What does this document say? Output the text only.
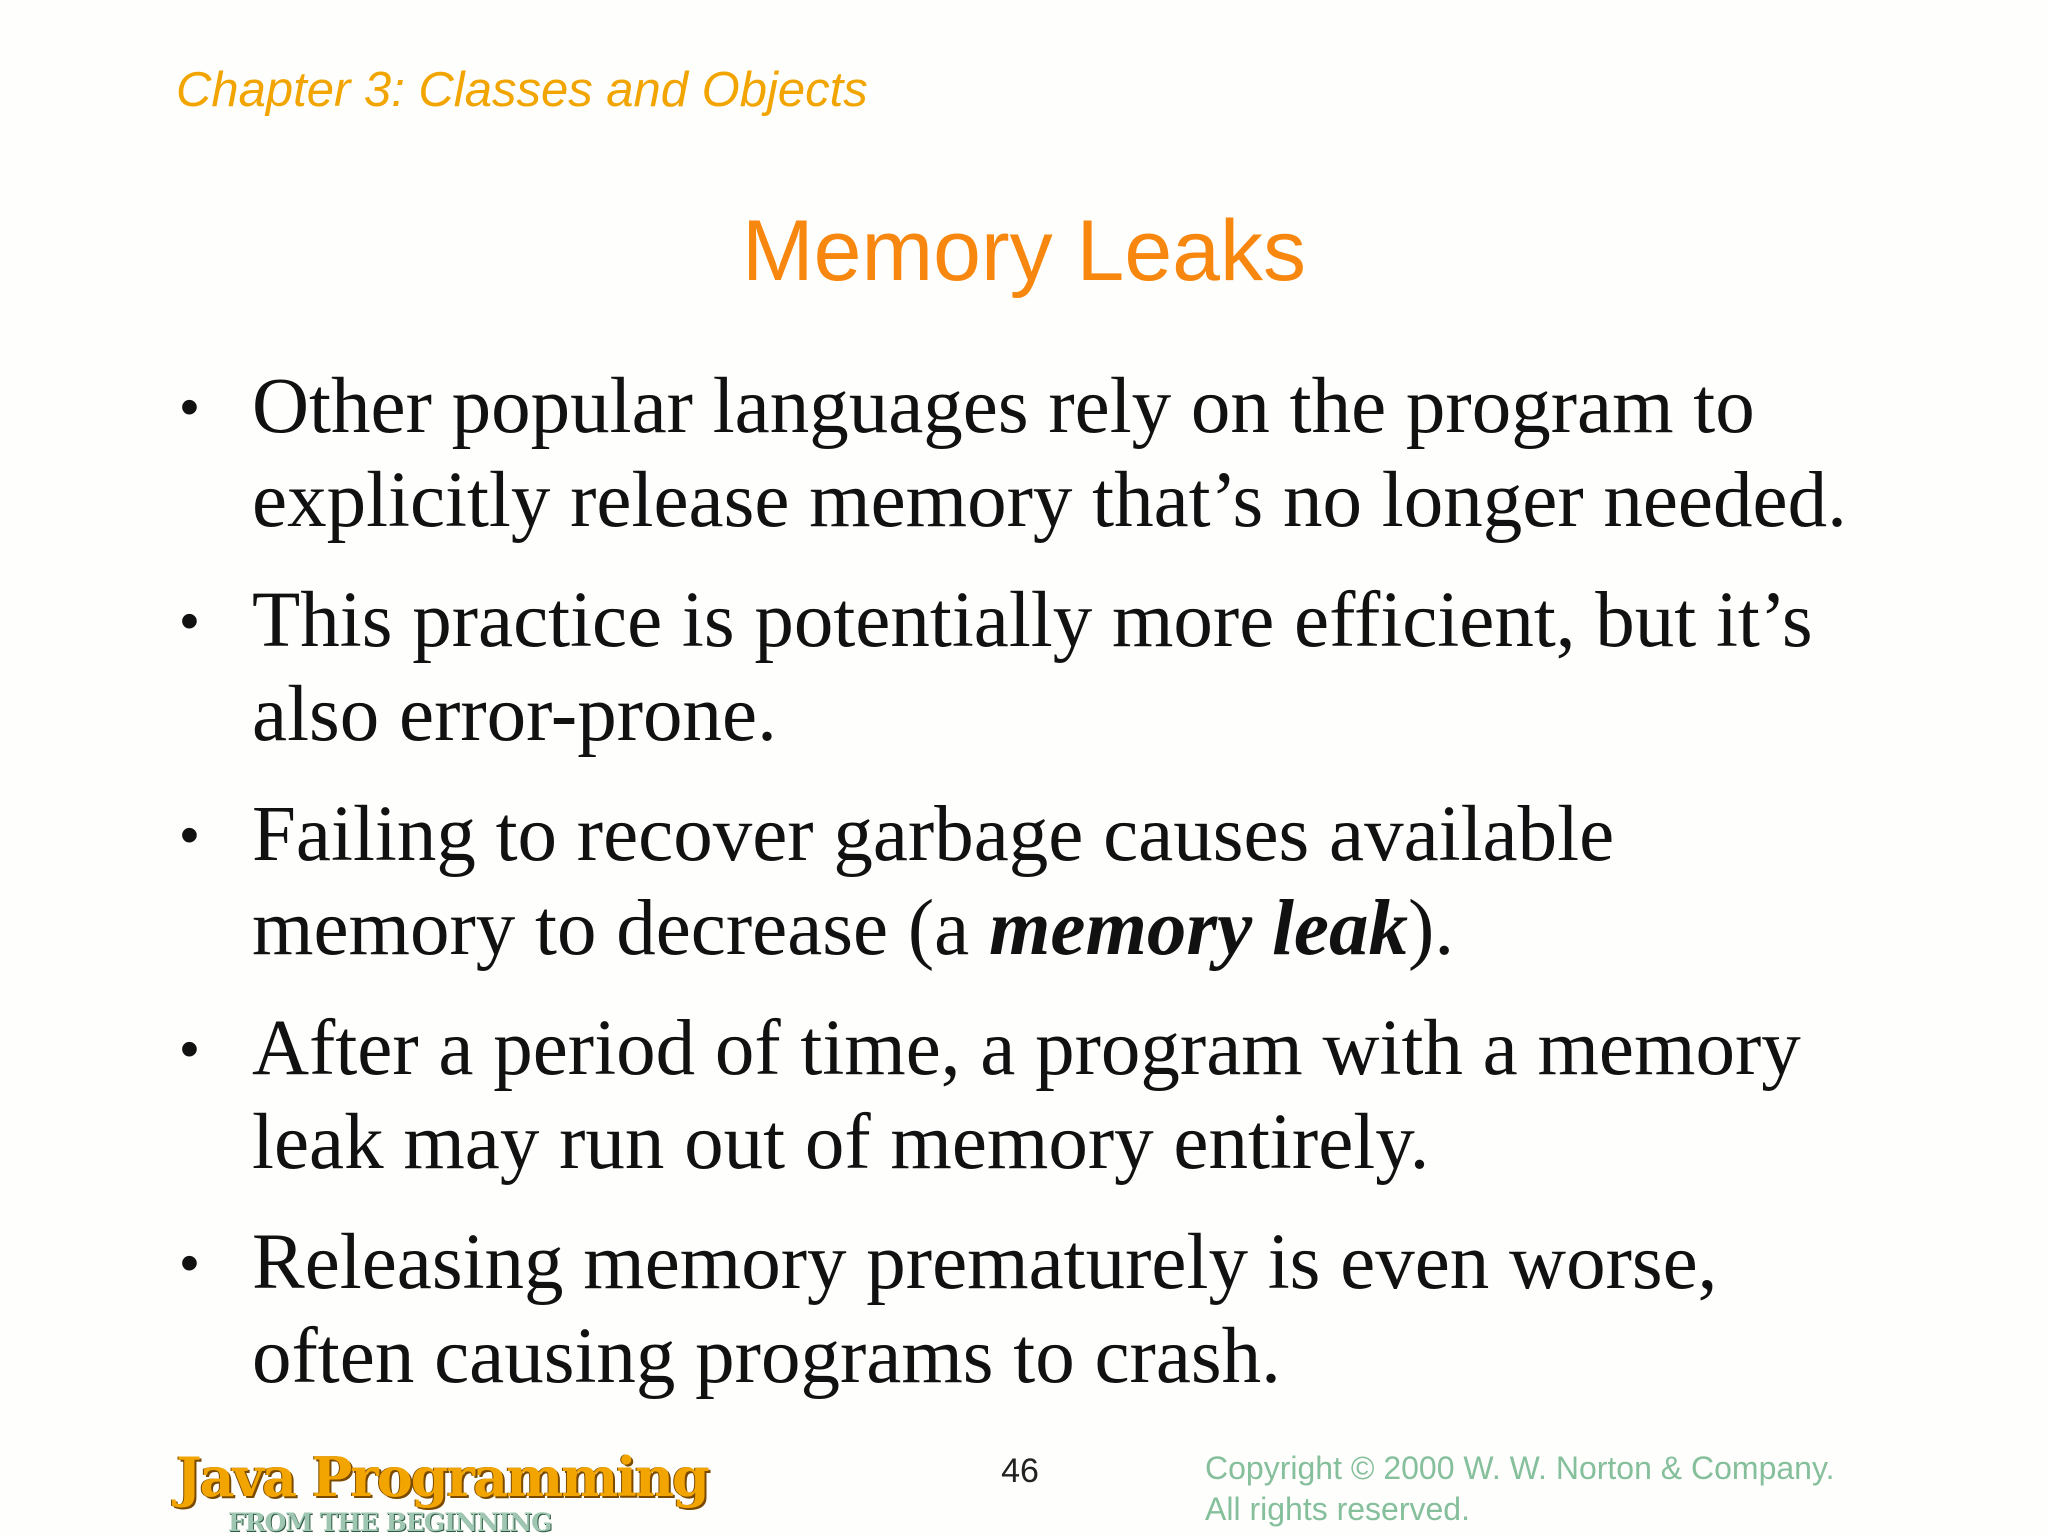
Chapter 3: Classes and Objects
Memory Leaks
• Other popular languages rely on the program to
explicitly release memory that’s no longer needed.
• This practice is potentially more efficient, but it’s
also error-prone.
• Failing to recover garbage causes available
memory to decrease (a memory leak).
• After a period of time, a program with a memory
leak may run out of memory entirely.
• Releasing memory prematurely is even worse,
often causing programs to crash.
Java Programming
FROM THE BEGINNING
46	Copyright © 2000 W. W. Norton & Company.
All rights reserved.
